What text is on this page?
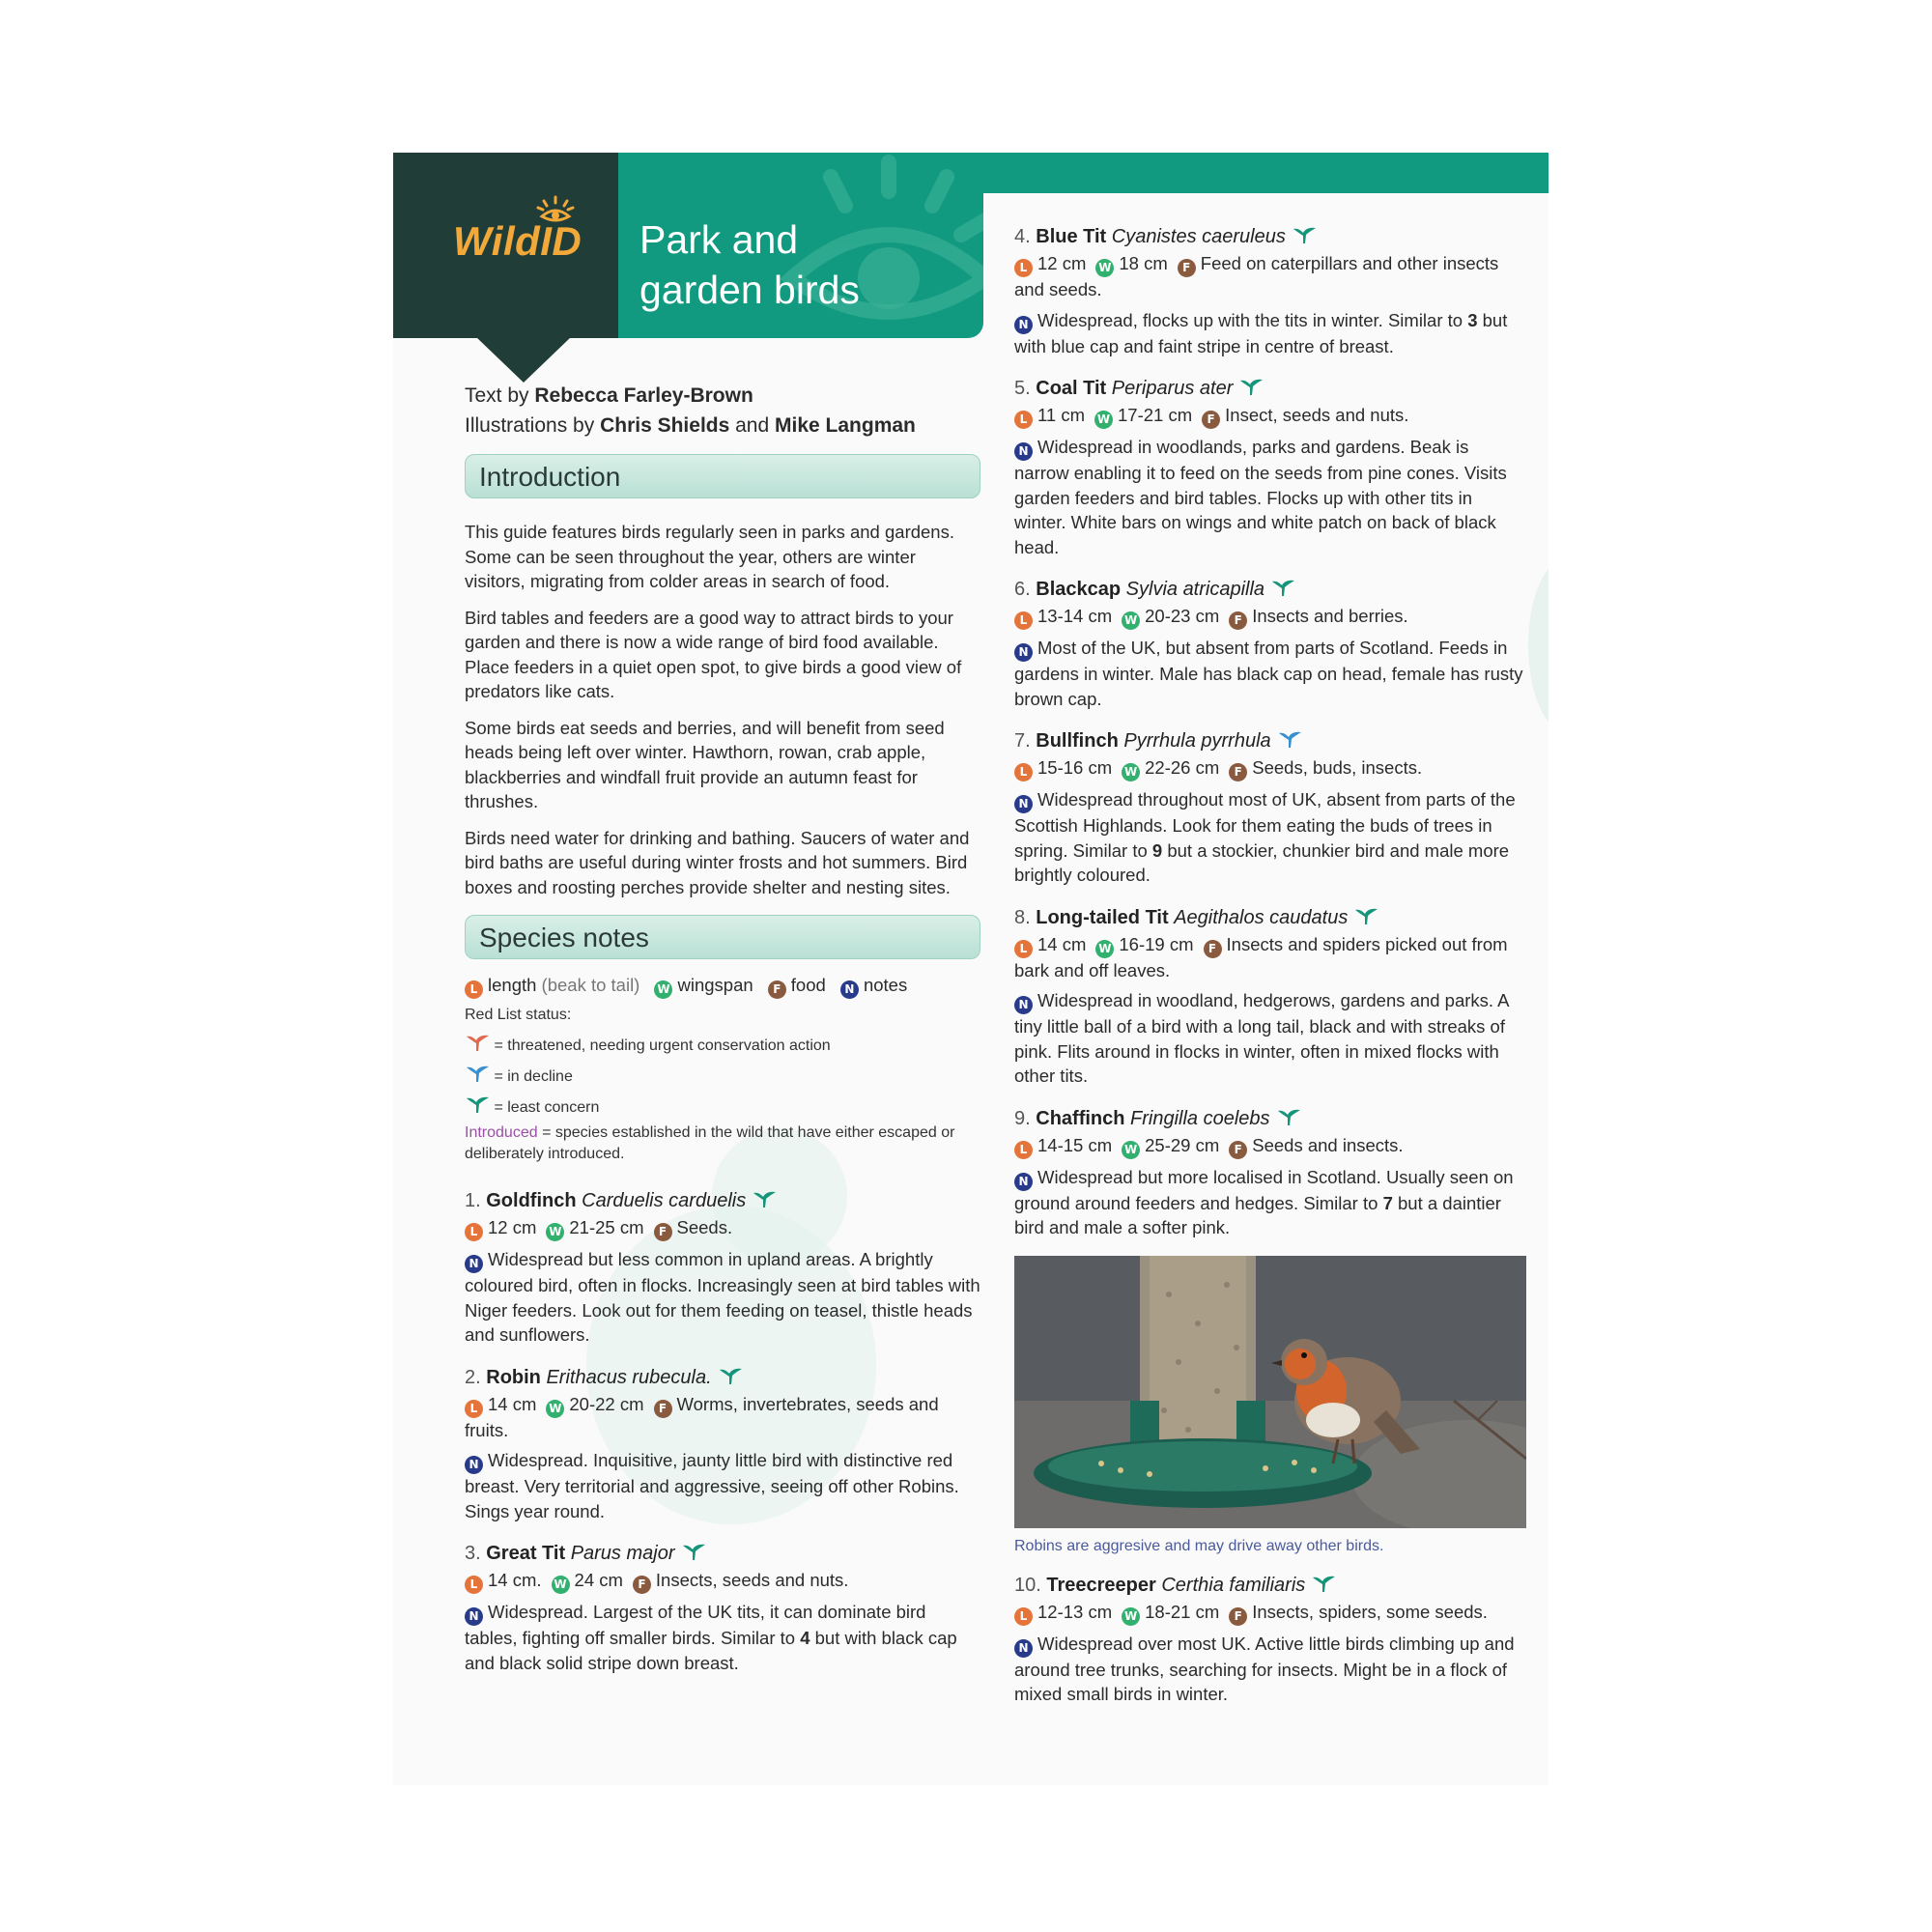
WildID Park and
garden birds
Text by Rebecca Farley-Brown
Illustrations by Chris Shields and Mike Langman
Introduction

This guide features birds regularly seen in parks and gardens. Some can be seen throughout the year, others are winter visitors, migrating from colder areas in search of food.

Bird tables and feeders are a good way to attract birds to your garden and there is now a wide range of bird food available. Place feeders in a quiet open spot, to give birds a good view of predators like cats.

Some birds eat seeds and berries, and will benefit from seed heads being left over winter. Hawthorn, rowan, crab apple, blackberries and windfall fruit provide an autumn feast for thrushes.

Birds need water for drinking and bathing. Saucers of water and bird baths are useful during winter frosts and hot summers. Bird boxes and roosting perches provide shelter and nesting sites.

Species notes
L length (beak to tail) W wingspan F food N notes
Red List status:
= threatened, needing urgent conservation action
= in decline
= least concern
Introduced = species established in the wild that have either escaped or deliberately introduced.
1. Goldfinch Carduelis carduelis
L 12 cm W 21-25 cm F Seeds.
N Widespread but less common in upland areas. A brightly coloured bird, often in flocks. Increasingly seen at bird tables with Niger feeders. Look out for them feeding on teasel, thistle heads and sunflowers.
2. Robin Erithacus rubecula.
L 14 cm W 20-22 cm F Worms, invertebrates, seeds and fruits.
N Widespread. Inquisitive, jaunty little bird with distinctive red breast. Very territorial and aggressive, seeing off other Robins. Sings year round.
3. Great Tit Parus major
L 14 cm. W 24 cm F Insects, seeds and nuts.
N Widespread. Largest of the UK tits, it can dominate bird tables, fighting off smaller birds. Similar to 4 but with black cap and black solid stripe down breast.
4. Blue Tit Cyanistes caeruleus
L 12 cm W 18 cm F Feed on caterpillars and other insects and seeds.
N Widespread, flocks up with the tits in winter. Similar to 3 but with blue cap and faint stripe in centre of breast.
5. Coal Tit Periparus ater
L 11 cm W 17-21 cm F Insect, seeds and nuts.
N Widespread in woodlands, parks and gardens. Beak is narrow enabling it to feed on the seeds from pine cones. Visits garden feeders and bird tables. Flocks up with other tits in winter. White bars on wings and white patch on back of black head.
6. Blackcap Sylvia atricapilla
L 13-14 cm W 20-23 cm F Insects and berries.
N Most of the UK, but absent from parts of Scotland. Feeds in gardens in winter. Male has black cap on head, female has rusty brown cap.
7. Bullfinch Pyrrhula pyrrhula
L 15-16 cm W 22-26 cm F Seeds, buds, insects.
N Widespread throughout most of UK, absent from parts of the Scottish Highlands. Look for them eating the buds of trees in spring. Similar to 9 but a stockier, chunkier bird and male more brightly coloured.
8. Long-tailed Tit Aegithalos caudatus
L 14 cm W 16-19 cm F Insects and spiders picked out from bark and off leaves.
N Widespread in woodland, hedgerows, gardens and parks. A tiny little ball of a bird with a long tail, black and with streaks of pink. Flits around in flocks in winter, often in mixed flocks with other tits.
9. Chaffinch Fringilla coelebs
L 14-15 cm W 25-29 cm F Seeds and insects.
N Widespread but more localised in Scotland. Usually seen on ground around feeders and hedges. Similar to 7 but a daintier bird and male a softer pink.
Robins are aggresive and may drive away other birds.
10. Treecreeper Certhia familiaris
L 12-13 cm W 18-21 cm F Insects, spiders, some seeds.
N Widespread over most UK. Active little birds climbing up and around tree trunks, searching for insects. Might be in a flock of mixed small birds in winter.
